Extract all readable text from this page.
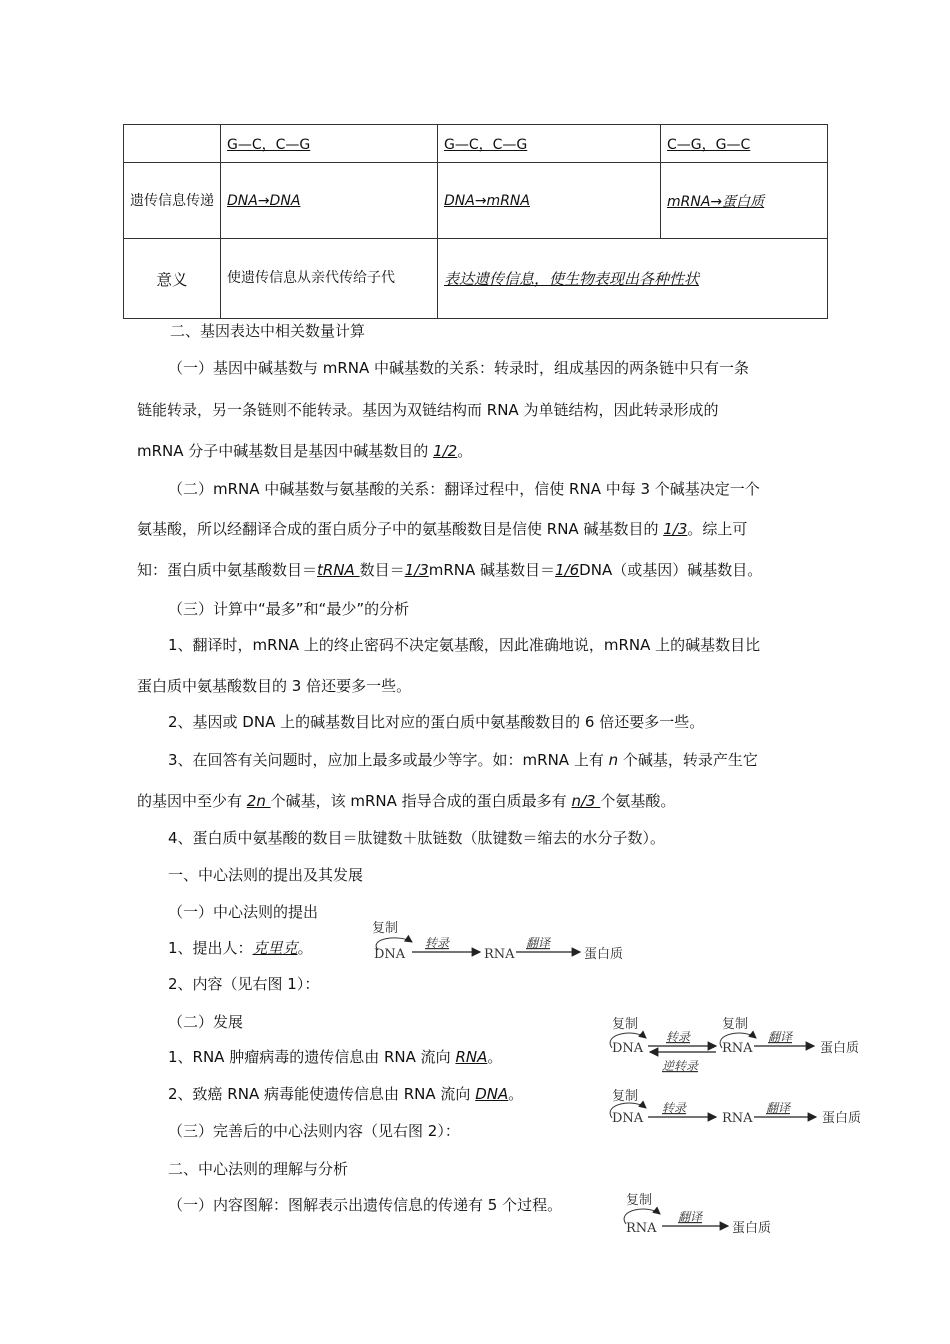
	G—C，C—G	G—C，C—G	C—G，G—C
遗传信息传递	DNA→DNA	DNA→mRNA	mRNA→蛋白质
意义	使遗传信息从亲代传给子代	表达遗传信息，使生物表现出各种性状	
二、基因表达中相关数量计算
（一）基因中碱基数与 mRNA 中碱基数的关系：转录时，组成基因的两条链中只有一条
链能转录，另一条链则不能转录。基因为双链结构而 RNA 为单链结构，因此转录形成的
mRNA 分子中碱基数目是基因中碱基数目的 1/2。
（二）mRNA 中碱基数与氨基酸的关系：翻译过程中，信使 RNA 中每 3 个碱基决定一个
氨基酸，所以经翻译合成的蛋白质分子中的氨基酸数目是信使 RNA 碱基数目的 1/3。综上可
知：蛋白质中氨基酸数目＝tRNA 数目＝1/3mRNA 碱基数目＝1/6DNA（或基因）碱基数目。
（三）计算中“最多”和“最少”的分析
1、翻译时，mRNA 上的终止密码不决定氨基酸，因此准确地说，mRNA 上的碱基数目比
蛋白质中氨基酸数目的 3 倍还要多一些。
2、基因或 DNA 上的碱基数目比对应的蛋白质中氨基酸数目的 6 倍还要多一些。
3、在回答有关问题时，应加上最多或最少等字。如：mRNA 上有 n 个碱基，转录产生它
的基因中至少有 2n 个碱基，该 mRNA 指导合成的蛋白质最多有 n/3 个氨基酸。
4、蛋白质中氨基酸的数目＝肽键数＋肽链数（肽键数＝缩去的水分子数）。
一、中心法则的提出及其发展
（一）中心法则的提出
1、提出人：克里克。
2、内容（见右图 1）：
（二）发展
1、RNA 肿瘤病毒的遗传信息由 RNA 流向 RNA。
2、致癌 RNA 病毒能使遗传信息由 RNA 流向 DNA。
（三）完善后的中心法则内容（见右图 2）：
二、中心法则的理解与分析
（一）内容图解：图解表示出遗传信息的传递有 5 个过程。
复制
DNA
转录
RNA
翻译
蛋白质
复制
DNA
转录
逆转录
复制
RNA
翻译
蛋白质
复制
DNA
转录
RNA
翻译
蛋白质
复制
RNA
翻译
蛋白质
